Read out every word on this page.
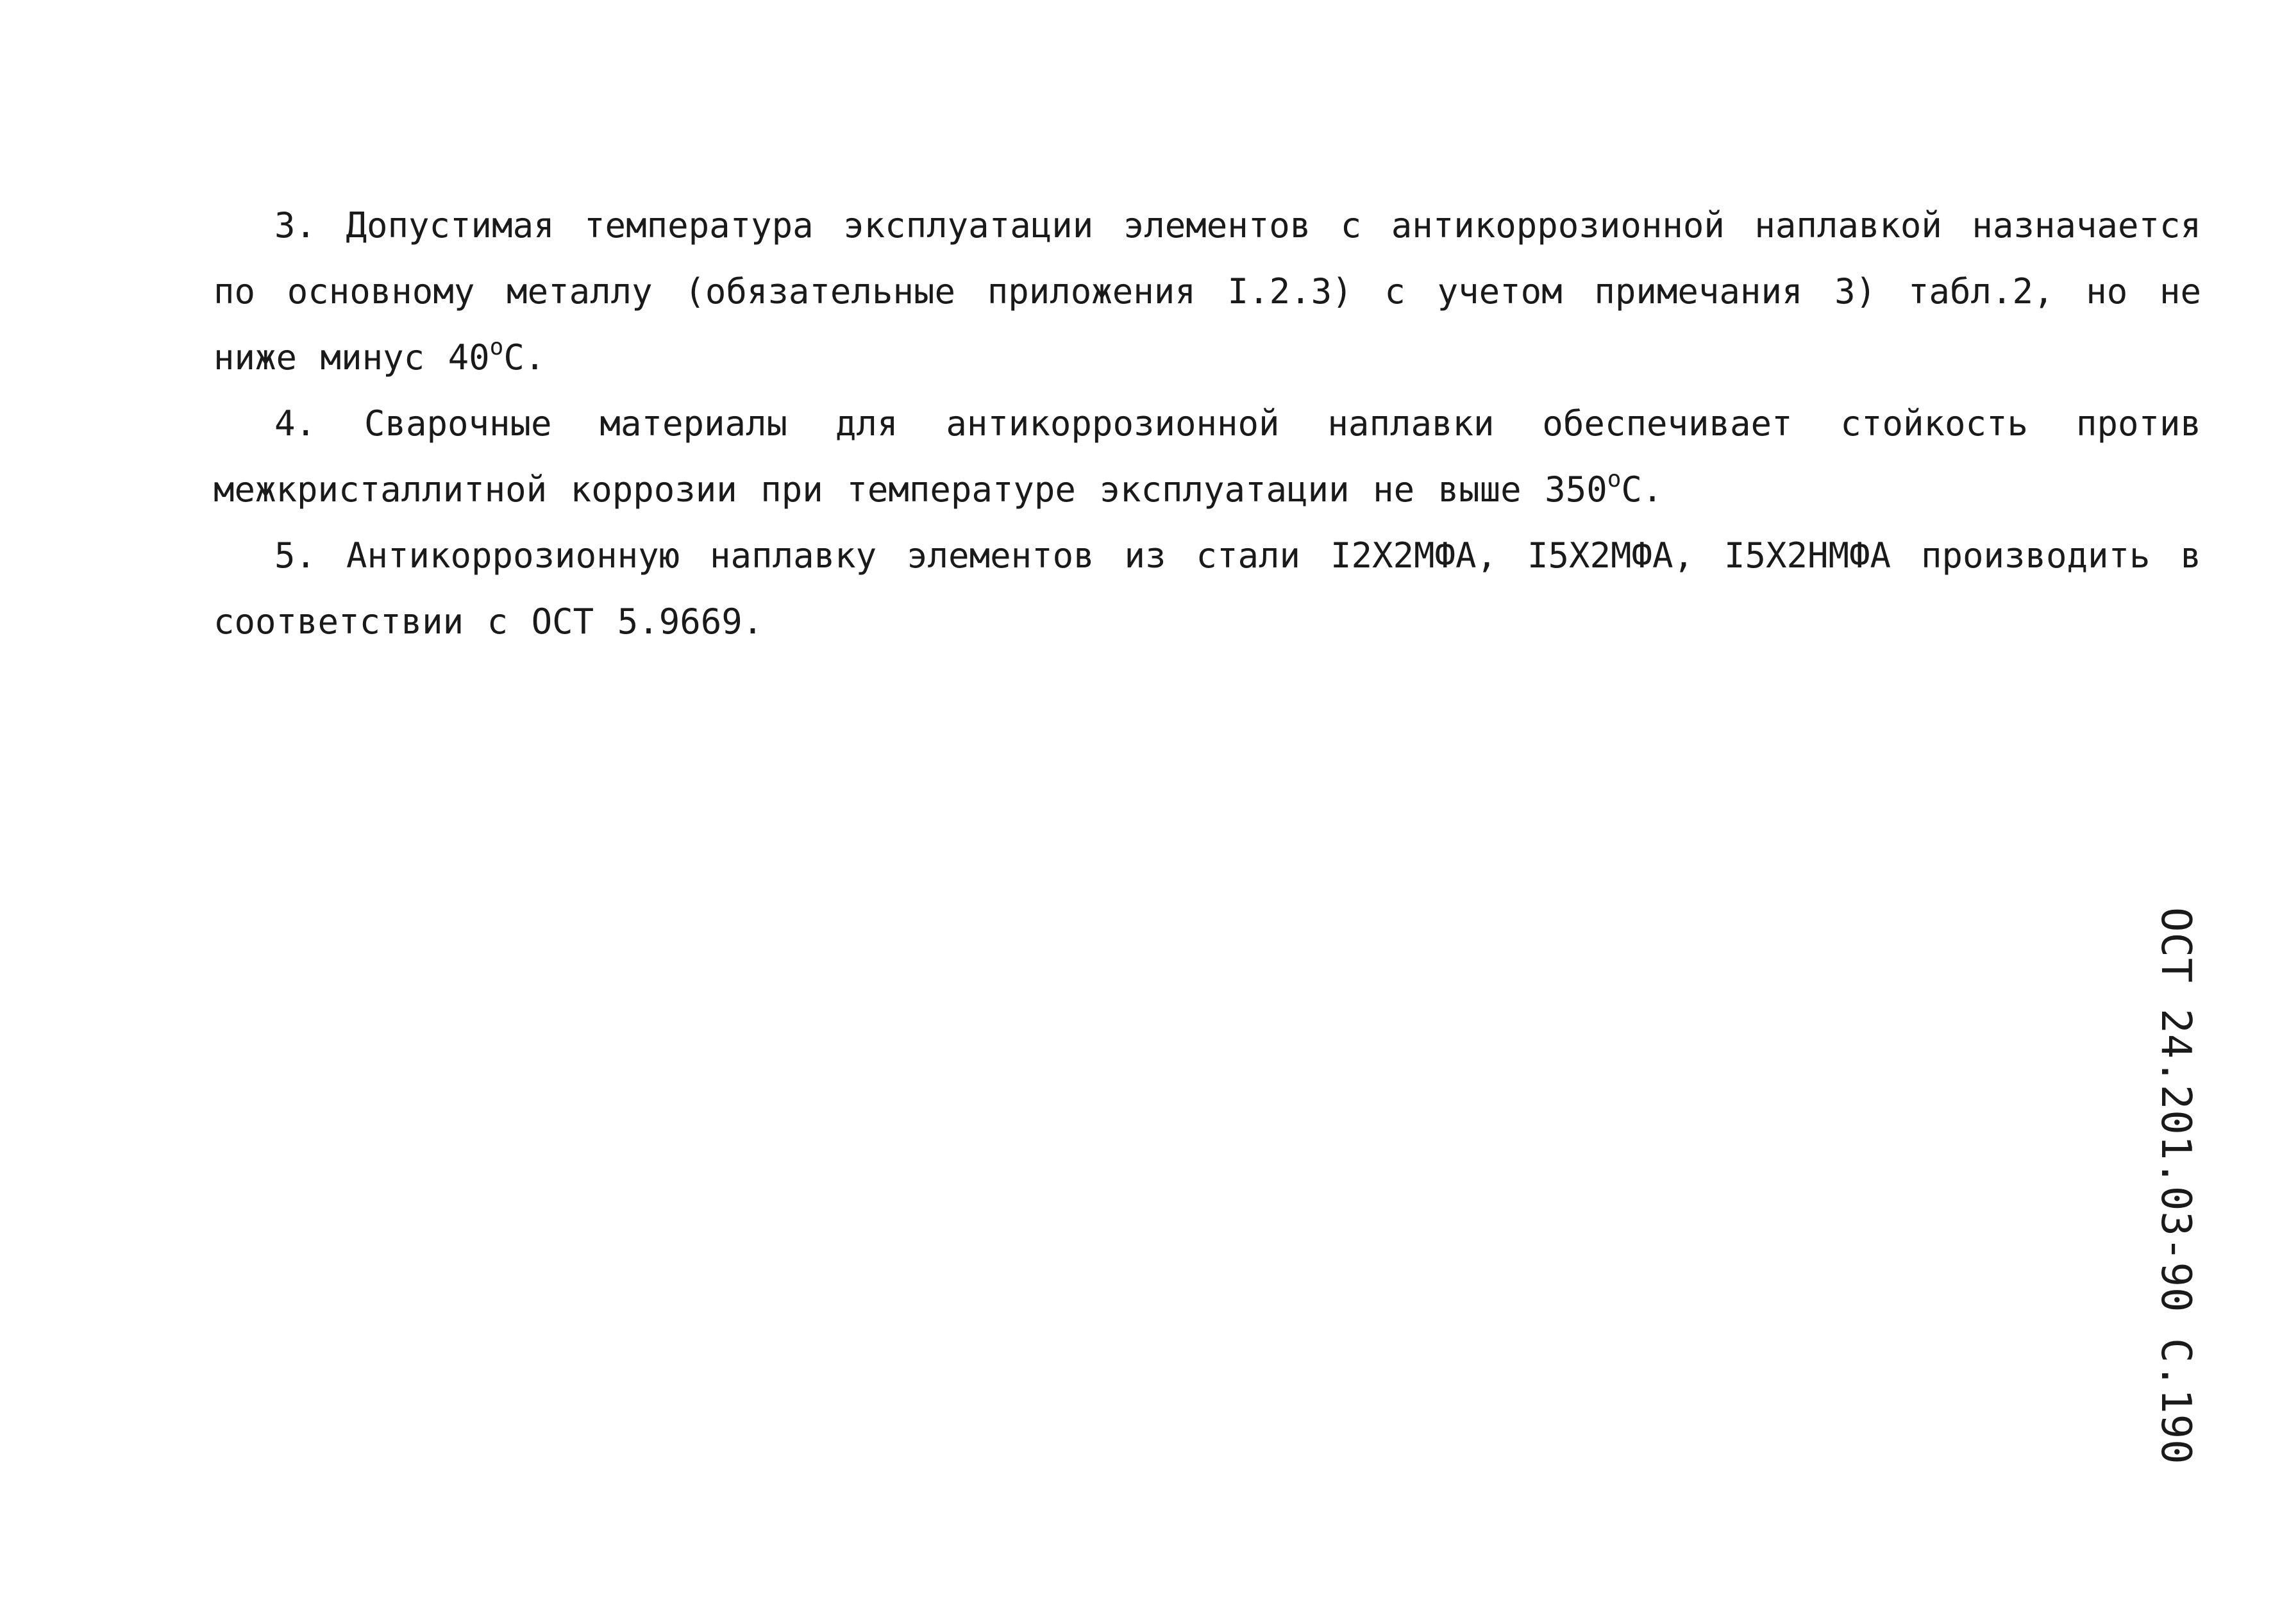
3. Допустимая температура эксплуатации элементов с антикоррозионной наплавкой назначается по основному металлу (обязательные приложения I.2.3) с учетом примечания 3) табл.2, но не ниже минус $40^оС$.

4. Сварочные материалы для антикоррозионной наплавки обеспечивает стойкость против межкристаллитной коррозии при температуре эксплуатации не выше $350^оС$.

5. Антикоррозионную наплавку элементов из стали I2Х2МФА, I5Х2МФА, I5Х2НМФА производить в соответствии с ОСТ 5.9669.

ОСТ 24.201.03-90 С.190
